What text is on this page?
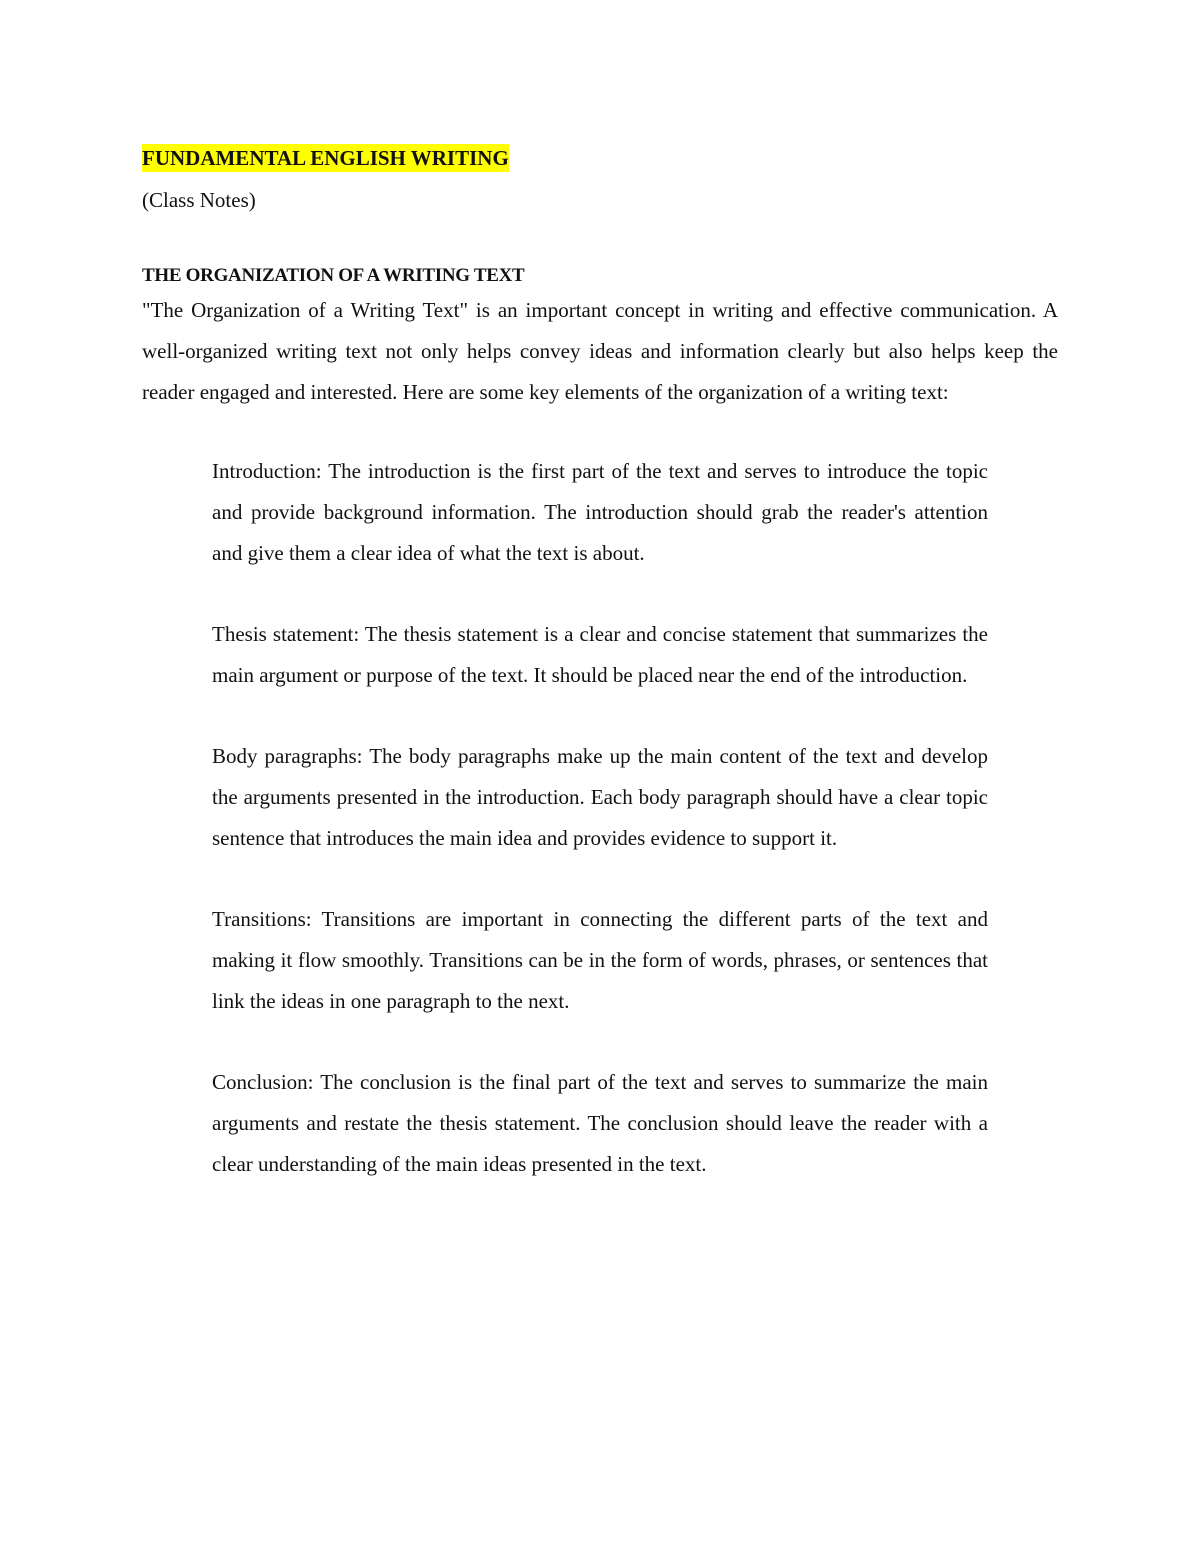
FUNDAMENTAL ENGLISH WRITING

(Class Notes)

THE ORGANIZATION OF A WRITING TEXT

"The Organization of a Writing Text" is an important concept in writing and effective communication. A well-organized writing text not only helps convey ideas and information clearly but also helps keep the reader engaged and interested. Here are some key elements of the organization of a writing text:

Introduction: The introduction is the first part of the text and serves to introduce the topic and provide background information. The introduction should grab the reader's attention and give them a clear idea of what the text is about.

Thesis statement: The thesis statement is a clear and concise statement that summarizes the main argument or purpose of the text. It should be placed near the end of the introduction.

Body paragraphs: The body paragraphs make up the main content of the text and develop the arguments presented in the introduction. Each body paragraph should have a clear topic sentence that introduces the main idea and provides evidence to support it.

Transitions: Transitions are important in connecting the different parts of the text and making it flow smoothly. Transitions can be in the form of words, phrases, or sentences that link the ideas in one paragraph to the next.

Conclusion: The conclusion is the final part of the text and serves to summarize the main arguments and restate the thesis statement. The conclusion should leave the reader with a clear understanding of the main ideas presented in the text.
